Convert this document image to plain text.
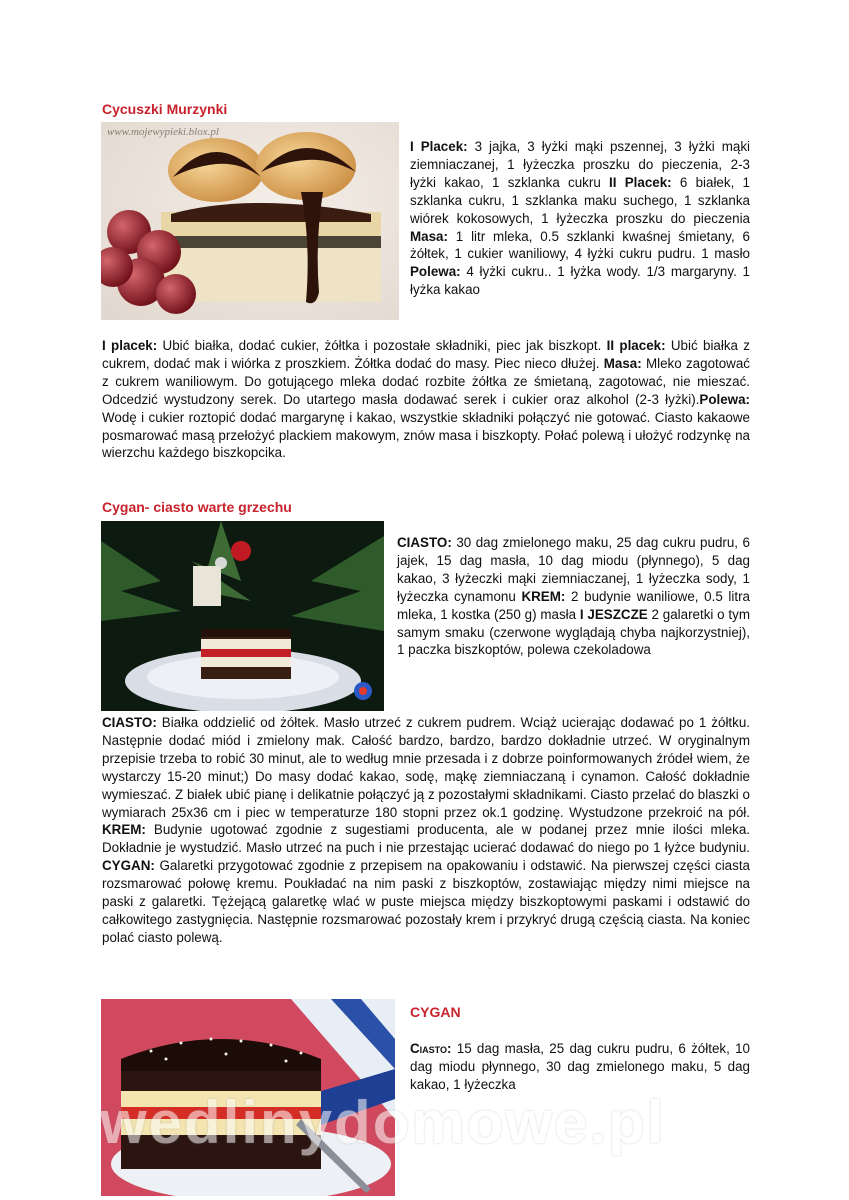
Cycuszki Murzynki
www.mojewypieki.blox.pl

I Placek: 3 jajka, 3 łyżki mąki pszennej, 3 łyżki mąki ziemniaczanej, 1 łyżeczka proszku do pieczenia, 2-3 łyżki kakao, 1 szklanka cukru II Placek: 6 białek, 1 szklanka cukru, 1 szklanka maku suchego, 1 szklanka wiórek kokosowych, 1 łyżeczka proszku do pieczenia Masa: 1 litr mleka, 0.5 szklanki kwaśnej śmietany, 6 żółtek, 1 cukier waniliowy, 4 łyżki cukru pudru. 1 masło Polewa: 4 łyżki cukru.. 1 łyżka wody. 1/3 margaryny. 1 łyżka kakao

I placek: Ubić białka, dodać cukier, żółtka i pozostałe składniki, piec jak biszkopt. II placek: Ubić białka z cukrem, dodać mak i wiórka z proszkiem. Żółtka dodać do masy. Piec nieco dłużej. Masa: Mleko zagotować z cukrem waniliowym. Do gotującego mleka dodać rozbite żółtka ze śmietaną, zagotować, nie mieszać. Odcedzić wystudzony serek. Do utartego masła dodawać serek i cukier oraz alkohol (2-3 łyżki).Polewa: Wodę i cukier roztopić dodać margarynę i kakao, wszystkie składniki połączyć nie gotować. Ciasto kakaowe posmarować masą przełożyć plackiem makowym, znów masa i biszkopty. Połać polewą i ułożyć rodzynkę na wierzchu każdego biszkopcika.

Cygan- ciasto warte grzechu

CIASTO: 30 dag zmielonego maku, 25 dag cukru pudru, 6 jajek, 15 dag masła, 10 dag miodu (płynnego), 5 dag kakao, 3 łyżeczki mąki ziemniaczanej, 1 łyżeczka sody, 1 łyżeczka cynamonu KREM: 2 budynie waniliowe, 0.5 litra mleka, 1 kostka (250 g) masła I JESZCZE 2 galaretki o tym samym smaku (czerwone wyglądają chyba najkorzystniej), 1 paczka biszkoptów, polewa czekoladowa

CIASTO: Białka oddzielić od żółtek. Masło utrzeć z cukrem pudrem. Wciąż ucierając dodawać po 1 żółtku. Następnie dodać miód i zmielony mak. Całość bardzo, bardzo, bardzo dokładnie utrzeć. W oryginalnym przepisie trzeba to robić 30 minut, ale to według mnie przesada i z dobrze poinformowanych źródeł wiem, że wystarczy 15-20 minut;) Do masy dodać kakao, sodę, mąkę ziemniaczaną i cynamon. Całość dokładnie wymieszać. Z białek ubić pianę i delikatnie połączyć ją z pozostałymi składnikami. Ciasto przelać do blaszki o wymiarach 25x36 cm i piec w temperaturze 180 stopni przez ok.1 godzinę. Wystudzone przekroić na pół. KREM: Budynie ugotować zgodnie z sugestiami producenta, ale w podanej przez mnie ilości mleka. Dokładnie je wystudzić. Masło utrzeć na puch i nie przestając ucierać dodawać do niego po 1 łyżce budyniu. CYGAN: Galaretki przygotować zgodnie z przepisem na opakowaniu i odstawić. Na pierwszej części ciasta rozsmarować połowę kremu. Poukładać na nim paski z biszkoptów, zostawiając między nimi miejsce na paski z galaretki. Tężejącą galaretkę wlać w puste miejsca między biszkoptowymi paskami i odstawić do całkowitego zastygnięcia. Następnie rozsmarować pozostały krem i przykryć drugą częścią ciasta. Na koniec polać ciasto polewą.

CYGAN

Ciasto: 15 dag masła, 25 dag cukru pudru, 6 żółtek, 10 dag miodu płynnego, 30 dag zmielonego maku, 5 dag kakao, 1 łyżeczka

wedlinydomowe.pl
